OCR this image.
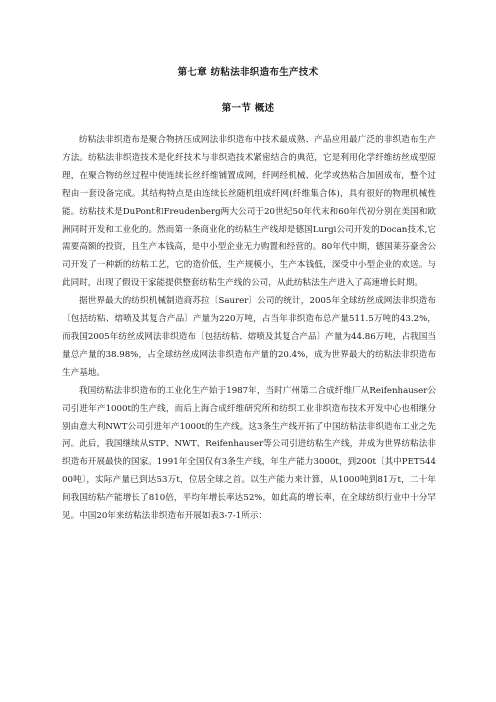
第七章 纺粘法非织造布生产技术
第一节 概述

纺粘法非织造布是聚合物挤压成网法非织造布中技术最成熟、产品应用最广泛的非织造布生产方法。纺粘法非织造技术是化纤技术与非织造技术紧密结合的典范，它是利用化学纤维纺丝成型原理，在聚合物纺丝过程中使连续长丝纤维铺置成网，纤网经机械、化学或热粘合加固成布，整个过程由一套设备完成。其结构特点是由连续长丝随机组成纤网(纤维集合体)，具有很好的物理机械性能。纺粘技术是DuPont和Freudenberg两大公司于20世纪50年代末和60年代初分别在美国和欧洲同时开发和工业化的。然而第一条商业化的纺粘生产线却是德国Lurgi公司开发的Docan技术,它需要高额的投资，且生产本钱高，是中小型企业无力购置和经营的。80年代中期，德国莱芬豪舍公司开发了一种新的纺粘工艺，它的造价低，生产规模小，生产本钱低，深受中小型企业的欢送。与此同时，出现了假设干家能提供整套纺粘生产线的公司，从此纺粘法生产进入了高速增长时期。

据世界最大的纺织机械制造商苏拉〔Saurer〕公司的统计，2005年全球纺丝成网法非织造布〔包括纺粘、熔喷及其复合产品〕产量为220万吨，占当年非织造布总产量511.5万吨的43.2%，而我国2005年纺丝成网法非织造布〔包括纺粘、熔喷及其复合产品〕产量为44.86万吨，占我国当量总产量的38.98%，占全球纺丝成网法非织造布产量的20.4%，成为世界最大的纺粘法非织造布生产基地。

我国纺粘法非织造布的工业化生产始于1987年，当时广州第二合成纤维厂从Reifenhauser公司引进年产1000t的生产线，而后上海合成纤维研究所和纺织工业非织造布技术开发中心也相继分别由意大利NWT公司引进年产1000t的生产线。这3条生产线开拓了中国纺粘法非织造布工业之先河。此后，我国继续从STP、NWT、Reifenhauser等公司引进纺粘生产线，并成为世界纺粘法非织造布开展最快的国家。1991年全国仅有3条生产线，年生产能力3000t，到200t〔其中PET54400吨〕，实际产量已到达53万t，位居全球之首。以生产能力来计算，从1000吨到81万t，二十年间我国纺粘产能增长了810倍，平均年增长率达52%，如此高的增长率，在全球纺织行业中十分罕见。中国20年来纺粘法非织造布开展如表3-7-1所示：
